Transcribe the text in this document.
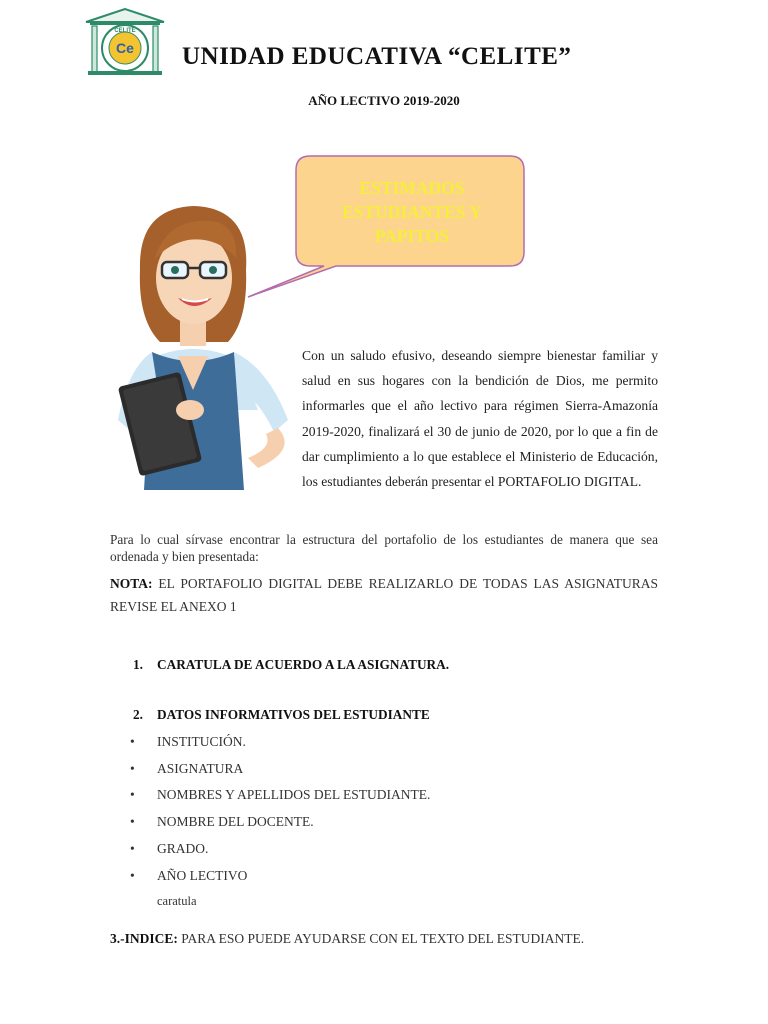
Ce
CELITE
UNIDAD EDUCATIVA “CELITE”
AÑO LECTIVO 2019-2020
ESTIMADOS
ESTUDIANTES Y
PAPITOS
Con un saludo efusivo, deseando siempre bienestar familiar y salud en sus hogares con la bendición de Dios, me permito informarles que el año lectivo para régimen Sierra-Amazonía 2019-2020, finalizará el 30 de junio de 2020, por lo que a fin de dar cumplimiento a lo que establece el Ministerio de Educación, los estudiantes deberán presentar el PORTAFOLIO DIGITAL.
Para lo cual sírvase encontrar la estructura del portafolio de los estudiantes de manera que sea ordenada y bien presentada:
NOTA: EL PORTAFOLIO DIGITAL DEBE REALIZARLO DE TODAS LAS ASIGNATURAS REVISE EL ANEXO 1
1. CARATULA DE ACUERDO A LA ASIGNATURA.
2. DATOS INFORMATIVOS DEL ESTUDIANTE
• INSTITUCIÓN.
• ASIGNATURA
• NOMBRES Y APELLIDOS DEL ESTUDIANTE.
• NOMBRE DEL DOCENTE.
• GRADO.
• AÑO LECTIVO
caratula
3.-INDICE: PARA ESO PUEDE AYUDARSE CON EL TEXTO DEL ESTUDIANTE.
